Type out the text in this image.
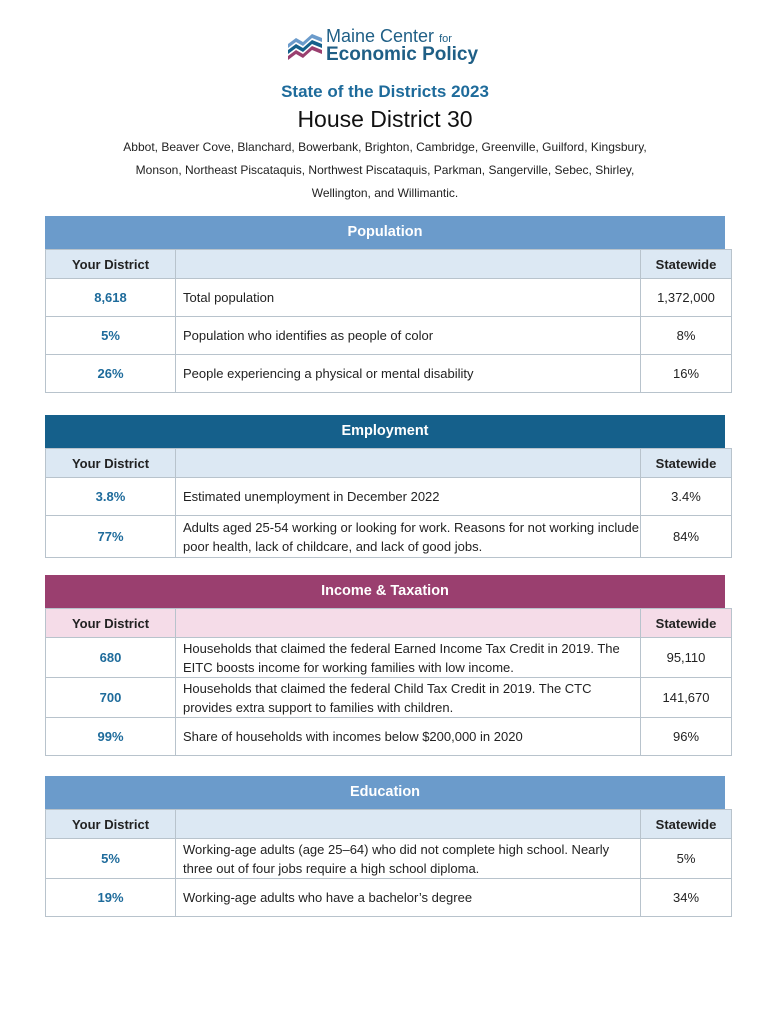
Maine Center for
Economic Policy
State of the Districts 2023
House District 30
Abbot, Beaver Cove, Blanchard, Bowerbank, Brighton, Cambridge, Greenville, Guilford, Kingsbury, Monson, Northeast Piscataquis, Northwest Piscataquis, Parkman, Sangerville, Sebec, Shirley, Wellington, and Willimantic.
Population
Your District		Statewide
8,618	Total population	1,372,000
5%	Population who identifies as people of color	8%
26%	People experiencing a physical or mental disability	16%
Employment
Your District		Statewide
3.8%	Estimated unemployment in December 2022	3.4%
77%	Adults aged 25-54 working or looking for work. Reasons for not working include poor health, lack of childcare, and lack of good jobs.	84%
Income & Taxation
Your District		Statewide
680	Households that claimed the federal Earned Income Tax Credit in 2019. The EITC boosts income for working families with low income.	95,110
700	Households that claimed the federal Child Tax Credit in 2019. The CTC provides extra support to families with children.	141,670
99%	Share of households with incomes below $200,000 in 2020	96%
Education
Your District		Statewide
5%	Working-age adults (age 25–64) who did not complete high school. Nearly three out of four jobs require a high school diploma.	5%
19%	Working-age adults who have a bachelor’s degree	34%
